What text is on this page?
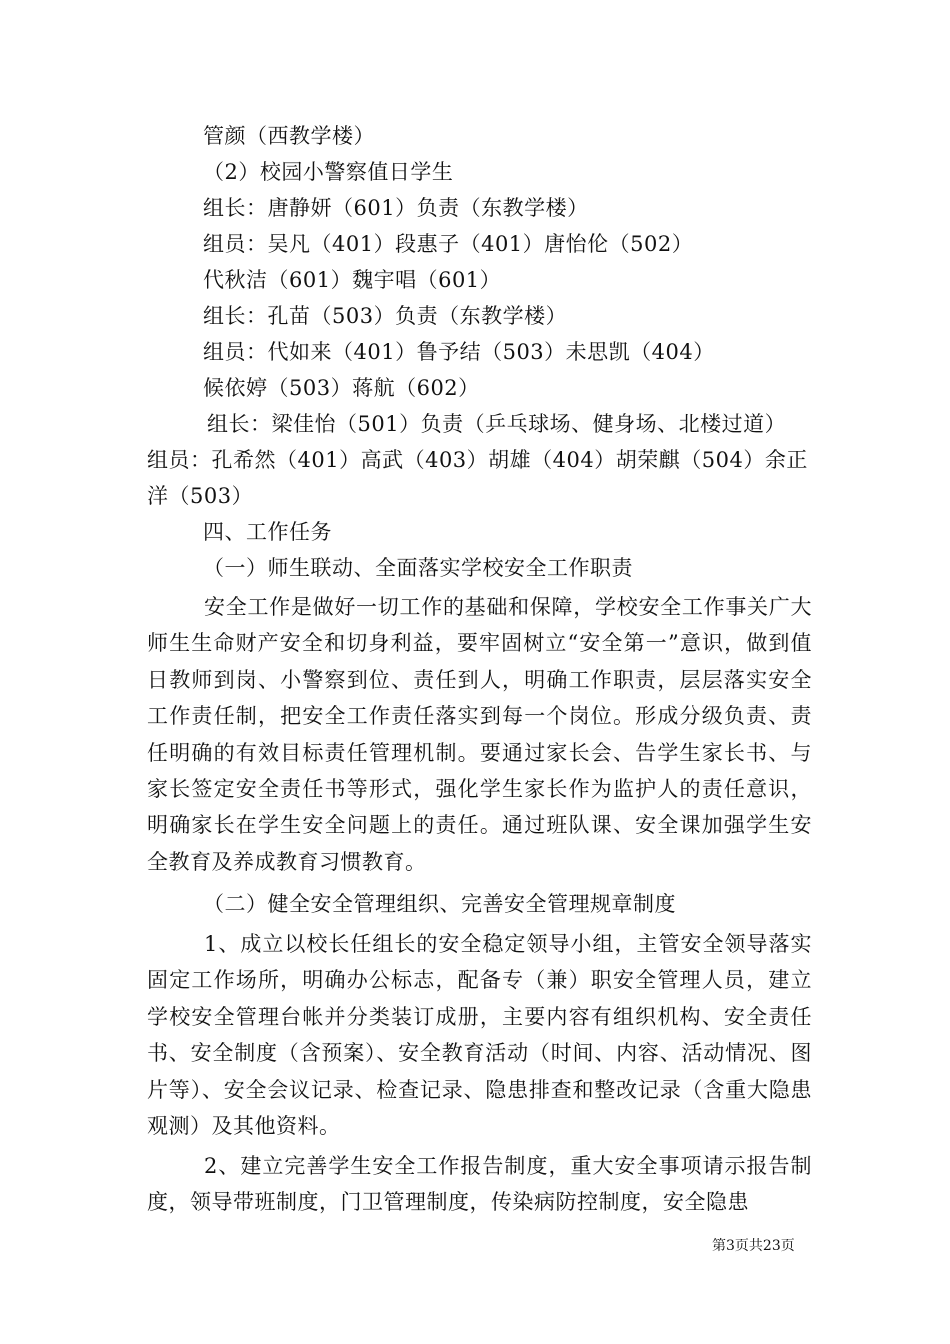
管颜（西教学楼）
（2）校园小警察值日学生
组长：唐静妍（601）负责（东教学楼）
组员：吴凡（401）段惠子（401）唐怡伦（502）
代秋洁（601）魏宇唱（601）
组长：孔苗（503）负责（东教学楼）
组员：代如来（401）鲁予结（503）未思凯（404）
候依婷（503）蒋航（602）
组长：梁佳怡（501）负责（乒乓球场、健身场、北楼过道）
组员：孔希然（401）高武（403）胡雄（404）胡荣麒（504）余正
洋（503）
四、工作任务
（一）师生联动、全面落实学校安全工作职责
安全工作是做好一切工作的基础和保障，学校安全工作事关广大师生生命财产安全和切身利益，要牢固树立“安全第一”意识，做到值日教师到岗、小警察到位、责任到人，明确工作职责，层层落实安全工作责任制，把安全工作责任落实到每一个岗位。形成分级负责、责任明确的有效目标责任管理机制。要通过家长会、告学生家长书、与家长签定安全责任书等形式，强化学生家长作为监护人的责任意识，明确家长在学生安全问题上的责任。通过班队课、安全课加强学生安全教育及养成教育习惯教育。
（二）健全安全管理组织、完善安全管理规章制度
1、成立以校长任组长的安全稳定领导小组，主管安全领导落实固定工作场所，明确办公标志，配备专（兼）职安全管理人员，建立学校安全管理台帐并分类装订成册，主要内容有组织机构、安全责任书、安全制度（含预案）、安全教育活动（时间、内容、活动情况、图片等）、安全会议记录、检查记录、隐患排查和整改记录（含重大隐患观测）及其他资料。
2、建立完善学生安全工作报告制度，重大安全事项请示报告制度，领导带班制度，门卫管理制度，传染病防控制度，安全隐患
第3页共23页
